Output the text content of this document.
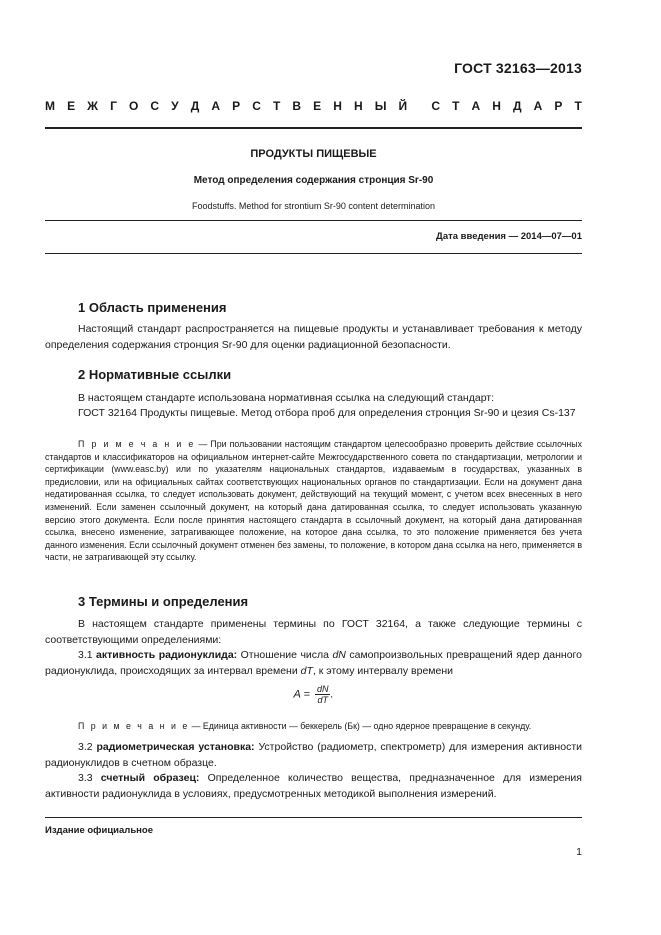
ГОСТ 32163—2013
М Е Ж Г О С У Д А Р С Т В Е Н Н Ы Й С Т А Н Д А Р Т
ПРОДУКТЫ ПИЩЕВЫЕ
Метод определения содержания стронция Sr-90
Foodstuffs. Method for strontium Sr-90 content determination
Дата введения — 2014—07—01
1 Область применения
Настоящий стандарт распространяется на пищевые продукты и устанавливает требования к методу определения содержания стронция Sr-90 для оценки радиационной безопасности.
2 Нормативные ссылки
В настоящем стандарте использована нормативная ссылка на следующий стандарт:
ГОСТ 32164 Продукты пищевые. Метод отбора проб для определения стронция Sr-90 и цезия Cs-137
П р и м е ч а н и е — При пользовании настоящим стандартом целесообразно проверить действие ссылочных стандартов и классификаторов на официальном интернет-сайте Межгосударственного совета по стандартизации, метрологии и сертификации (www.easc.by) или по указателям национальных стандартов, издаваемым в государствах, указанных в предисловии, или на официальных сайтах соответствующих национальных органов по стандартизации. Если на документ дана недатированная ссылка, то следует использовать документ, действующий на текущий момент, с учетом всех внесенных в него изменений. Если заменен ссылочный документ, на который дана датированная ссылка, то следует использовать указанную версию этого документа. Если после принятия настоящего стандарта в ссылочный документ, на который дана датированная ссылка, внесено изменение, затрагивающее положение, на которое дана ссылка, то это положение применяется без учета данного изменения. Если ссылочный документ отменен без замены, то положение, в котором дана ссылка на него, применяется в части, не затрагивающей эту ссылку.
3 Термины и определения
В настоящем стандарте применены термины по ГОСТ 32164, а также следующие термины с соответствующими определениями:
3.1 активность радионуклида: Отношение числа dN самопроизвольных превращений ядер данного радионуклида, происходящих за интервал времени dT, к этому интервалу времени
$A = \frac{dN}{dT}$ .
П р и м е ч а н и е — Единица активности — беккерель (Бк) — одно ядерное превращение в секунду.
3.2 радиометрическая установка: Устройство (радиометр, спектрометр) для измерения активности радионуклидов в счетном образце.
3.3 счетный образец: Определенное количество вещества, предназначенное для измерения активности радионуклида в условиях, предусмотренных методикой выполнения измерений.
Издание официальное
1
